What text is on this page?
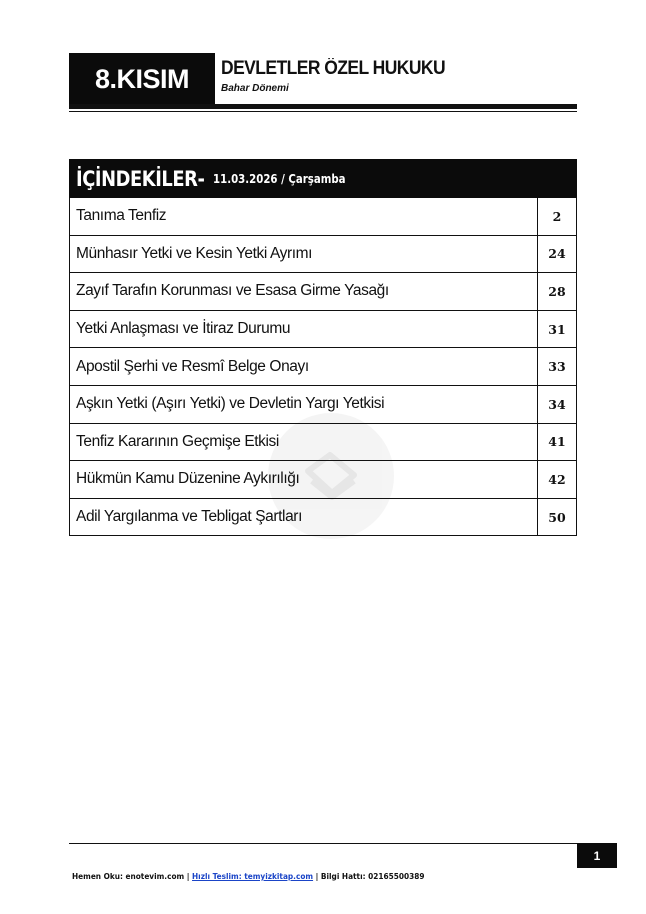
8.KISIM DEVLETLER ÖZEL HUKUKU
Bahar Dönemi
İÇİNDEKİLER- 11.03.2026 / Çarşamba
Tanıma Tenfiz	2
Münhasır Yetki ve Kesin Yetki Ayrımı	24
Zayıf Tarafın Korunması ve Esasa Girme Yasağı	28
Yetki Anlaşması ve İtiraz Durumu	31
Apostil Şerhi ve Resmî Belge Onayı	33
Aşkın Yetki (Aşırı Yetki) ve Devletin Yargı Yetkisi	34
Tenfiz Kararının Geçmişe Etkisi	41
Hükmün Kamu Düzenine Aykırılığı	42
Adil Yargılanma ve Tebligat Şartları	50
1
Hemen Oku: enotevim.com | Hızlı Teslim: temyizkitap.com | Bilgi Hattı: 02165500389
